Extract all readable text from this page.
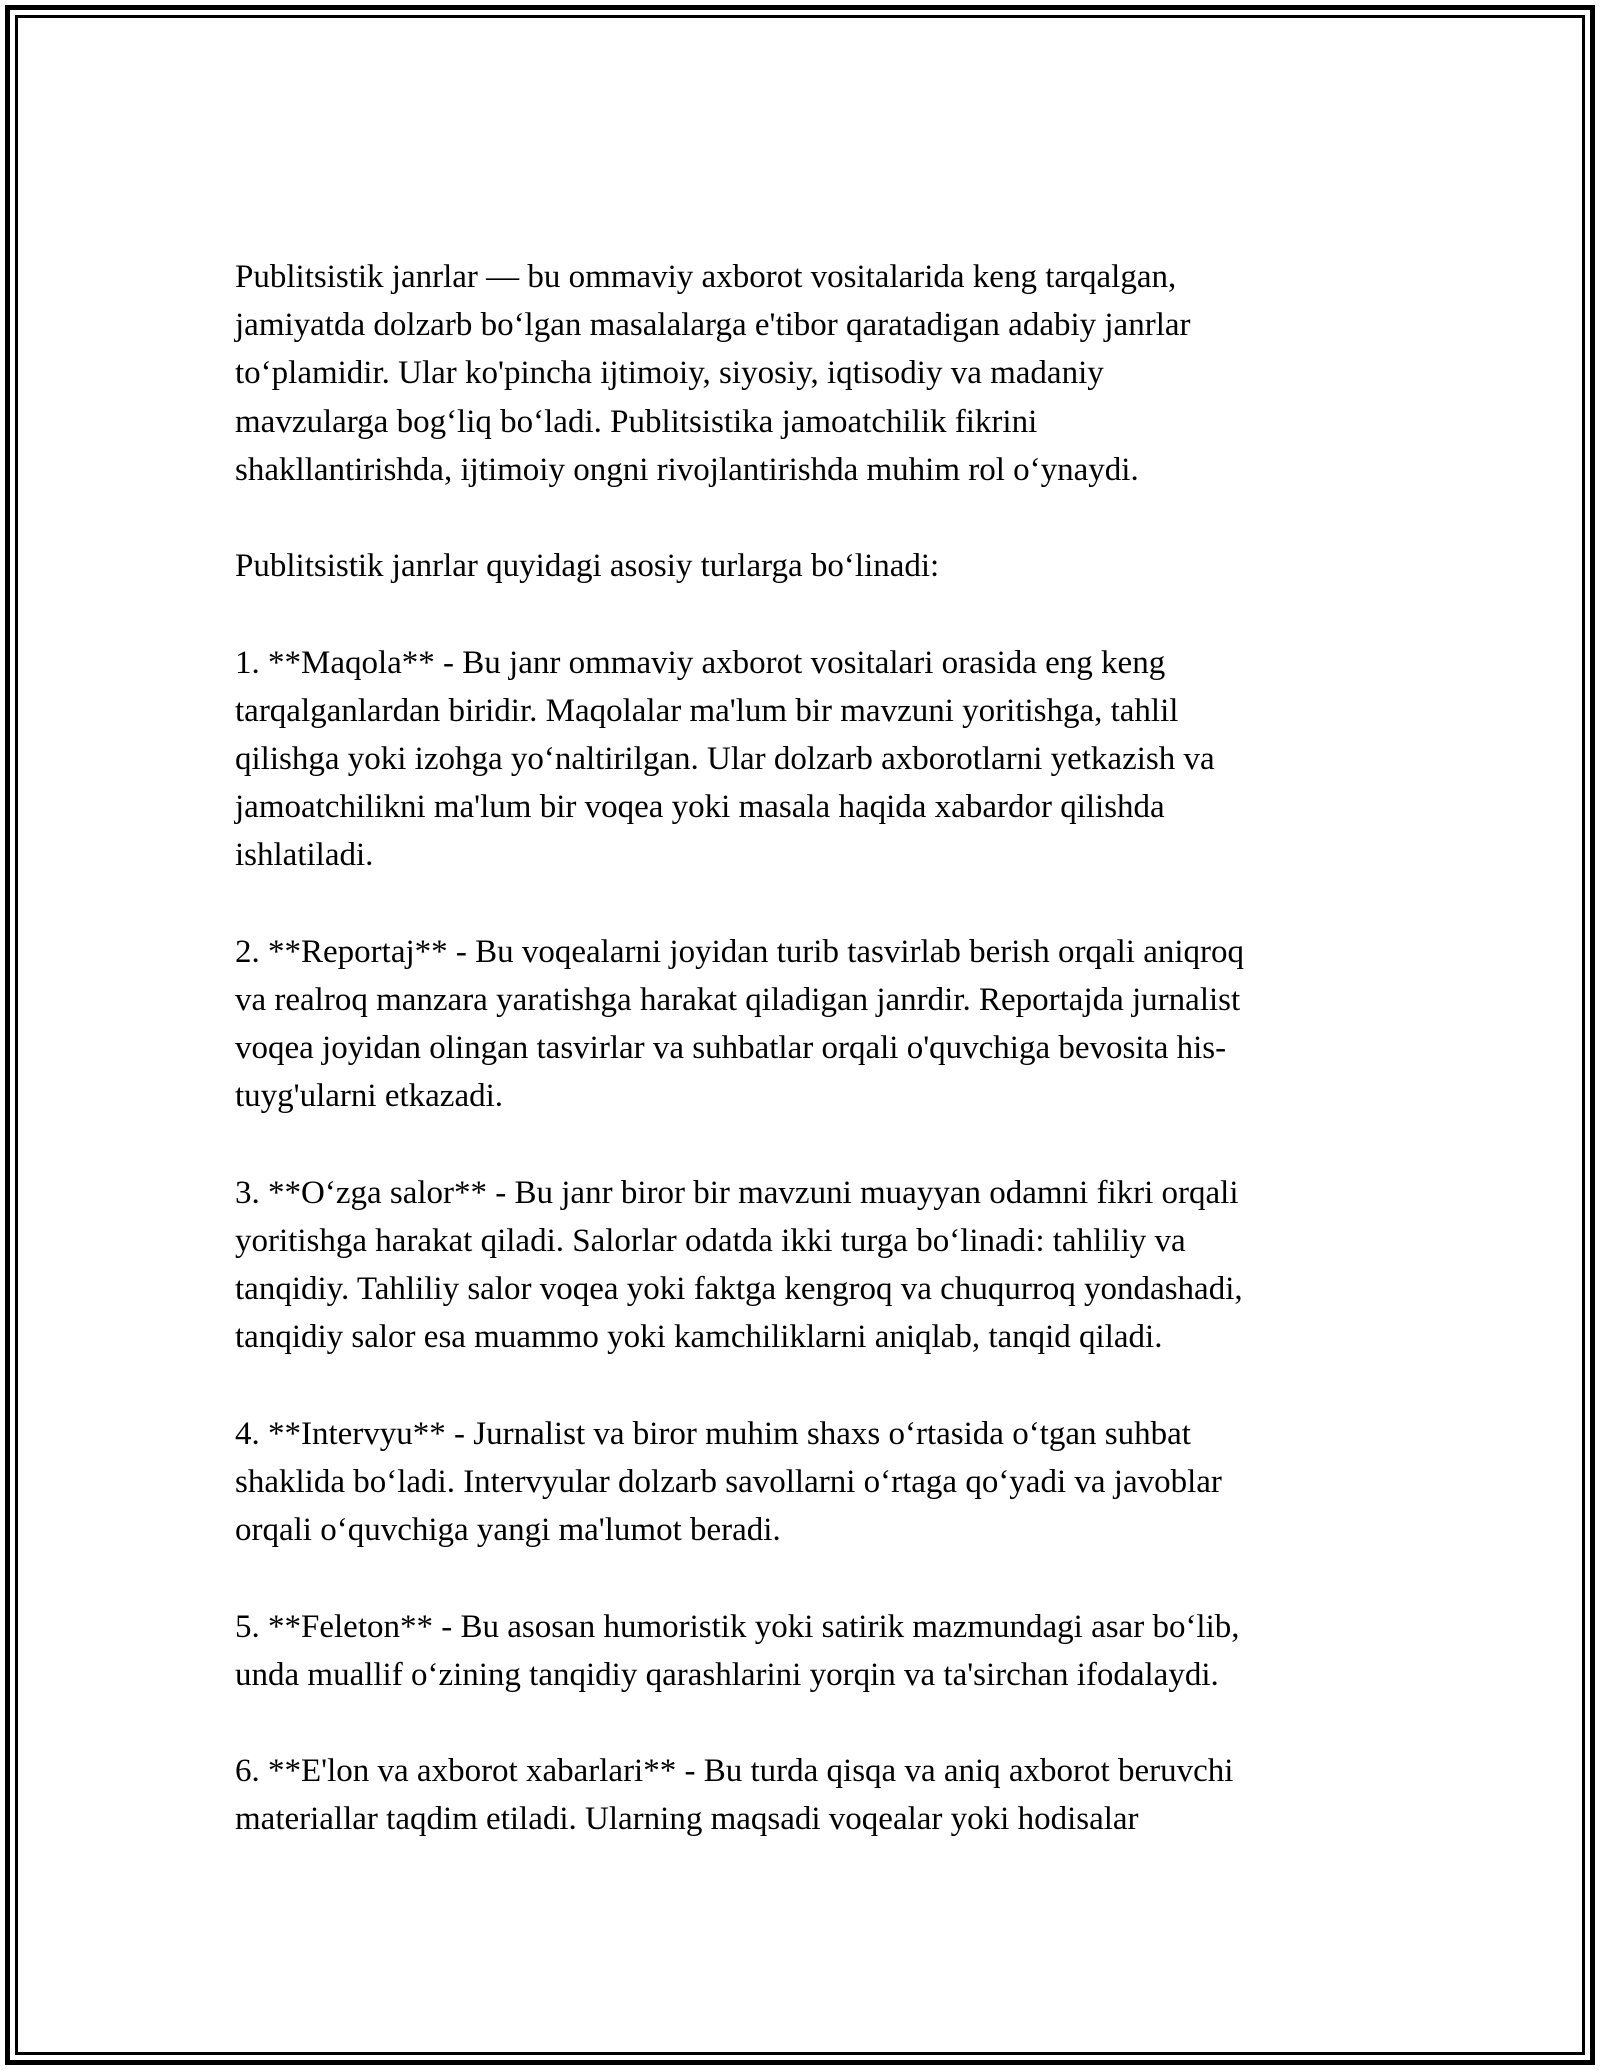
Publitsistik janrlar — bu ommaviy axborot vositalarida keng tarqalgan,
jamiyatda dolzarb bo‘lgan masalalarga e'tibor qaratadigan adabiy janrlar
to‘plamidir. Ular ko'pincha ijtimoiy, siyosiy, iqtisodiy va madaniy
mavzularga bog‘liq bo‘ladi. Publitsistika jamoatchilik fikrini
shakllantirishda, ijtimoiy ongni rivojlantirishda muhim rol o‘ynaydi.

Publitsistik janrlar quyidagi asosiy turlarga bo‘linadi:

1. **Maqola** - Bu janr ommaviy axborot vositalari orasida eng keng
tarqalganlardan biridir. Maqolalar ma'lum bir mavzuni yoritishga, tahlil
qilishga yoki izohga yo‘naltirilgan. Ular dolzarb axborotlarni yetkazish va
jamoatchilikni ma'lum bir voqea yoki masala haqida xabardor qilishda
ishlatiladi.

2. **Reportaj** - Bu voqealarni joyidan turib tasvirlab berish orqali aniqroq
va realroq manzara yaratishga harakat qiladigan janrdir. Reportajda jurnalist
voqea joyidan olingan tasvirlar va suhbatlar orqali o'quvchiga bevosita his-
tuyg'ularni etkazadi.

3. **O‘zga salor** - Bu janr biror bir mavzuni muayyan odamni fikri orqali
yoritishga harakat qiladi. Salorlar odatda ikki turga bo‘linadi: tahliliy va
tanqidiy. Tahliliy salor voqea yoki faktga kengroq va chuqurroq yondashadi,
tanqidiy salor esa muammo yoki kamchiliklarni aniqlab, tanqid qiladi.

4. **Intervyu** - Jurnalist va biror muhim shaxs o‘rtasida o‘tgan suhbat
shaklida bo‘ladi. Intervyular dolzarb savollarni o‘rtaga qo‘yadi va javoblar
orqali o‘quvchiga yangi ma'lumot beradi.

5. **Feleton** - Bu asosan humoristik yoki satirik mazmundagi asar bo‘lib,
unda muallif o‘zining tanqidiy qarashlarini yorqin va ta'sirchan ifodalaydi.

6. **E'lon va axborot xabarlari** - Bu turda qisqa va aniq axborot beruvchi
materiallar taqdim etiladi. Ularning maqsadi voqealar yoki hodisalar
